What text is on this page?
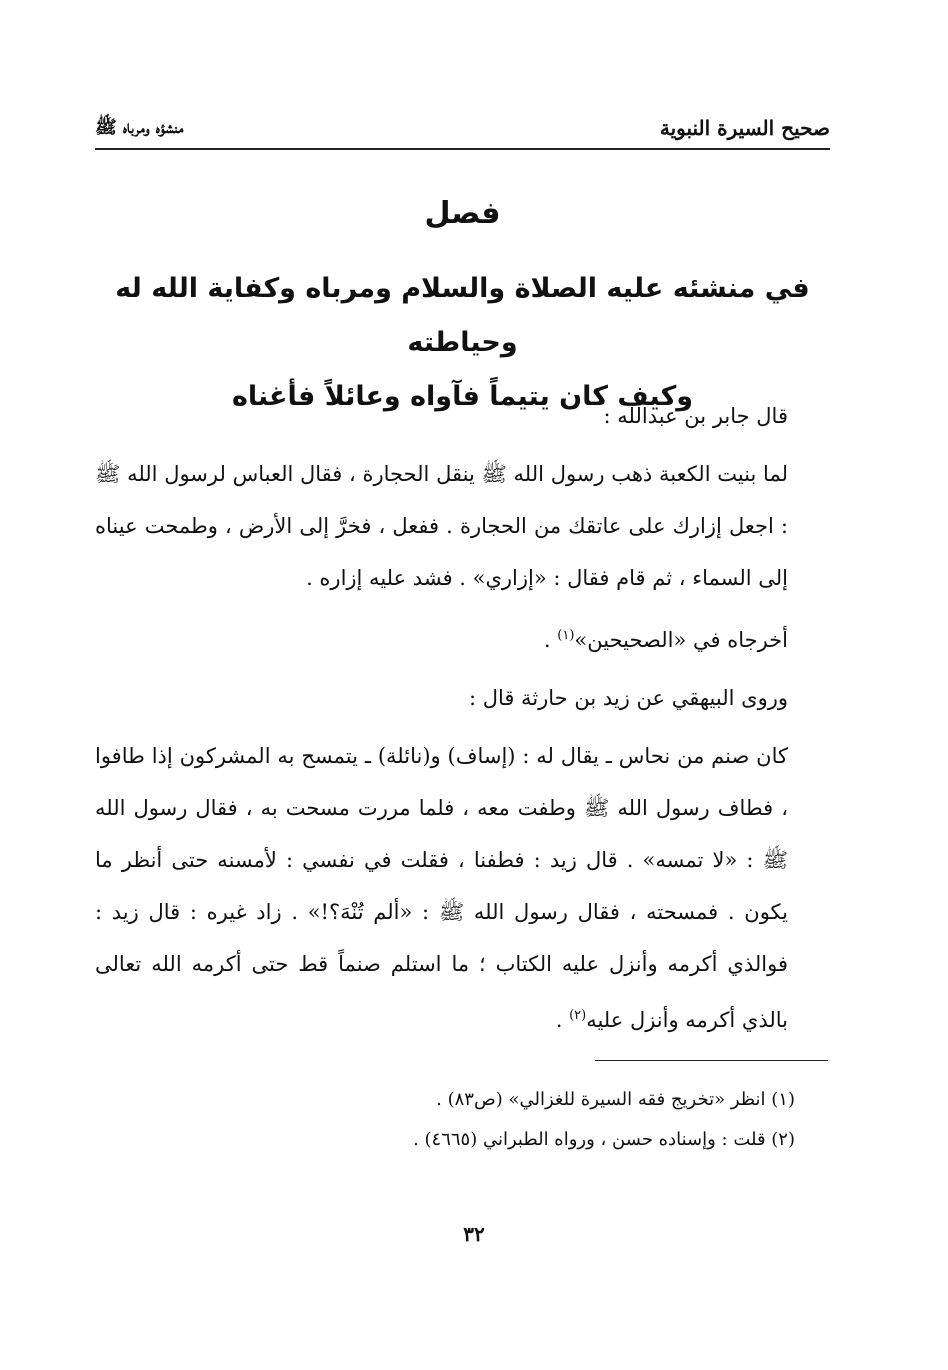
صحيح السيرة النبوية
منشؤه ومرباه ﷺ
فصل
في منشئه عليه الصلاة والسلام ومرباه وكفاية الله له وحياطته
وكيف كان يتيماً فآواه وعائلاً فأغناه

قال جابر بن عبدالله :

لما بنيت الكعبة ذهب رسول الله ﷺ ينقل الحجارة ، فقال العباس لرسول الله ﷺ : اجعل إزارك على عاتقك من الحجارة . ففعل ، فخرَّ إلى الأرض ، وطمحت عيناه إلى السماء ، ثم قام فقال : «إزاري» . فشد عليه إزاره .

أخرجاه في «الصحيحين»$^{(١)}$ .

وروى البيهقي عن زيد بن حارثة قال :

كان صنم من نحاس ـ يقال له : (إساف) و(نائلة) ـ يتمسح به المشركون إذا طافوا ، فطاف رسول الله ﷺ وطفت معه ، فلما مررت مسحت به ، فقال رسول الله ﷺ : «لا تمسه» . قال زيد : فطفنا ، فقلت في نفسي : لأمسنه حتى أنظر ما يكون . فمسحته ، فقال رسول الله ﷺ : «ألم تُنْهَ؟!» . زاد غيره : قال زيد : فوالذي أكرمه وأنزل عليه الكتاب ؛ ما استلم صنماً قط حتى أكرمه الله تعالى بالذي أكرمه وأنزل عليه$^{(٢)}$ .

(١) انظر «تخريج فقه السيرة للغزالي» (ص٨٣) .

(٢) قلت : وإسناده حسن ، ورواه الطبراني (٤٦٦٥) .

٣٢
